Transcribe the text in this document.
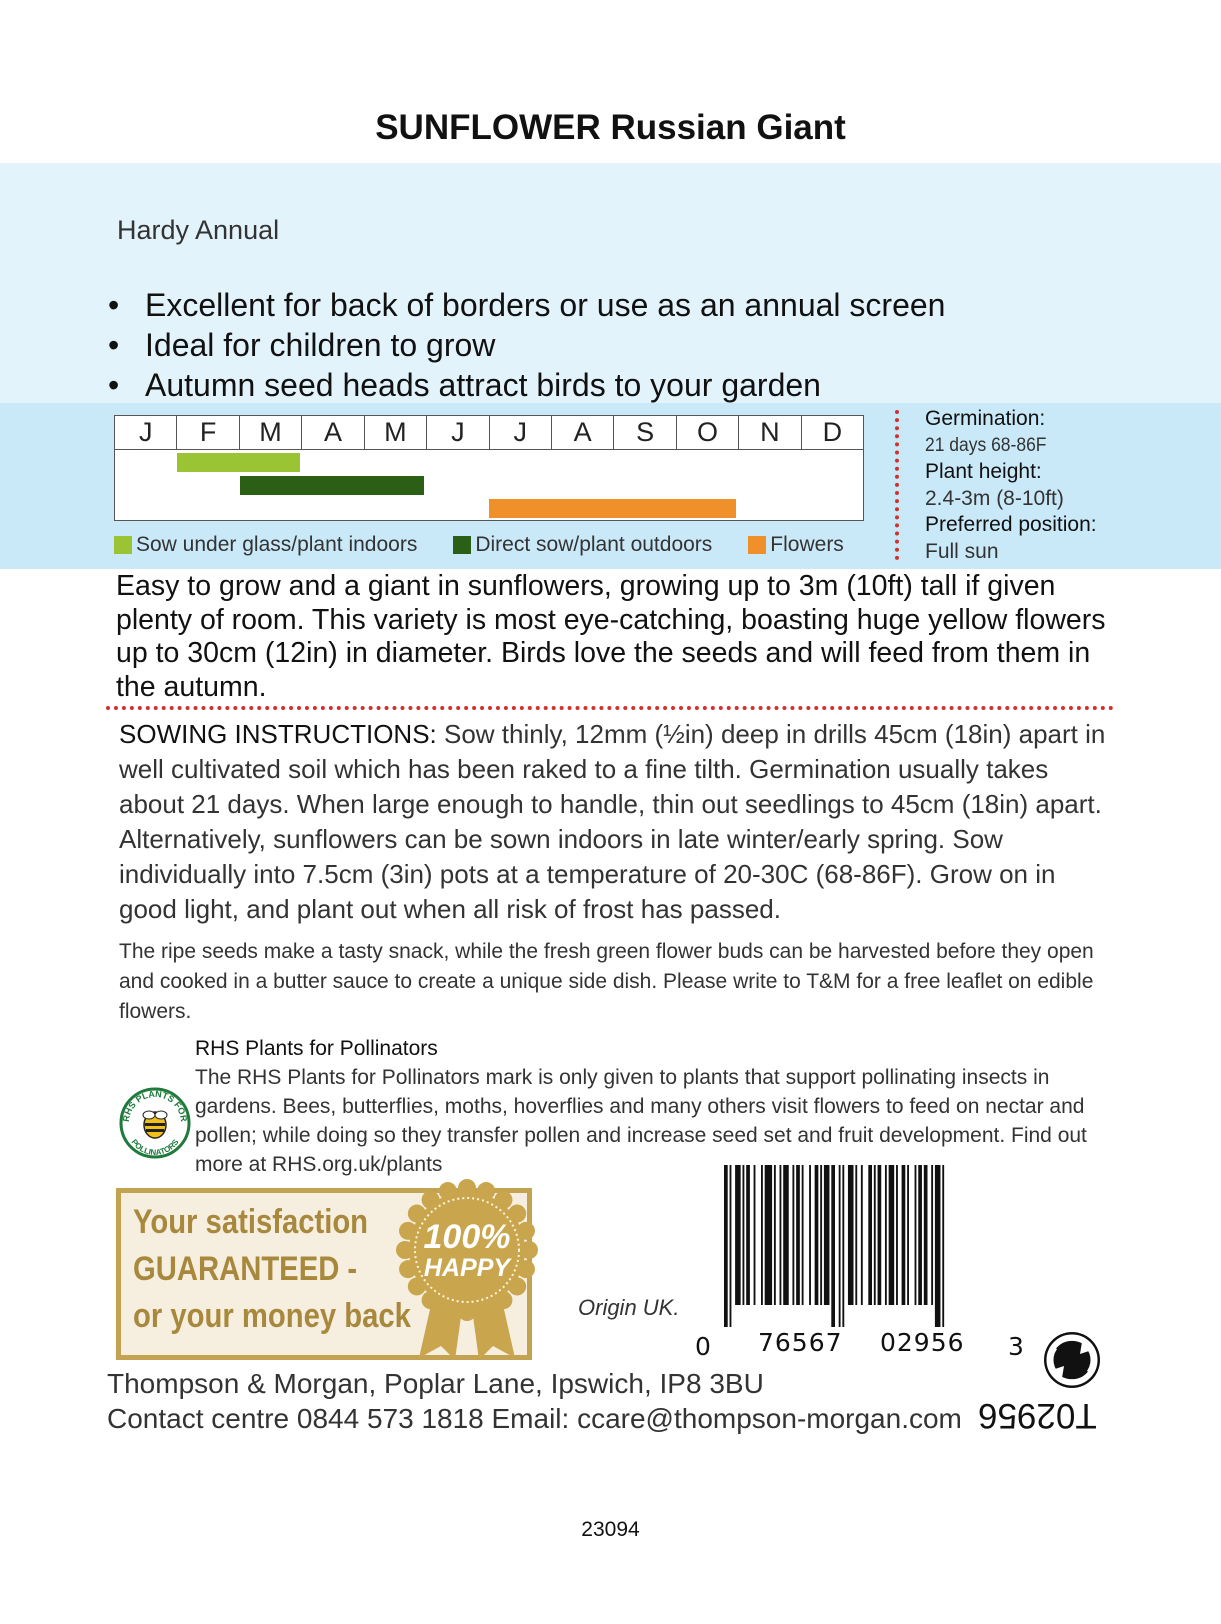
SUNFLOWER Russian Giant
Hardy Annual
• Excellent for back of borders or use as an annual screen
• Ideal for children to grow
• Autumn seed heads attract birds to your garden
J	F	M	A	M	J	J	A	S	O	N	D
Sow under glass/plant indoors	Direct sow/plant outdoors	Flowers
Germination:
21 days 68-86F
Plant height:
2.4-3m (8-10ft)
Preferred position:
Full sun
Easy to grow and a giant in sunflowers, growing up to 3m (10ft) tall if given plenty of room. This variety is most eye-catching, boasting huge yellow flowers up to 30cm (12in) in diameter. Birds love the seeds and will feed from them in the autumn.
SOWING INSTRUCTIONS: Sow thinly, 12mm (½in) deep in drills 45cm (18in) apart in well cultivated soil which has been raked to a fine tilth. Germination usually takes about 21 days. When large enough to handle, thin out seedlings to 45cm (18in) apart. Alternatively, sunflowers can be sown indoors in late winter/early spring. Sow individually into 7.5cm (3in) pots at a temperature of 20-30C (68-86F). Grow on in good light, and plant out when all risk of frost has passed.
The ripe seeds make a tasty snack, while the fresh green flower buds can be harvested before they open and cooked in a butter sauce to create a unique side dish. Please write to T&M for a free leaflet on edible flowers.
RHS Plants for Pollinators
The RHS Plants for Pollinators mark is only given to plants that support pollinating insects in gardens. Bees, butterflies, moths, hoverflies and many others visit flowers to feed on nectar and pollen; while doing so they transfer pollen and increase seed set and fruit development. Find out more at RHS.org.uk/plants
RHS PLANTS FOR
POLLINATORS
Your satisfaction
GUARANTEED -
or your money back
100%
HAPPY
Origin UK.
0 76567 02956 3
T02956
Thompson & Morgan, Poplar Lane, Ipswich, IP8 3BU
Contact centre 0844 573 1818 Email: ccare@thompson-morgan.com
23094
